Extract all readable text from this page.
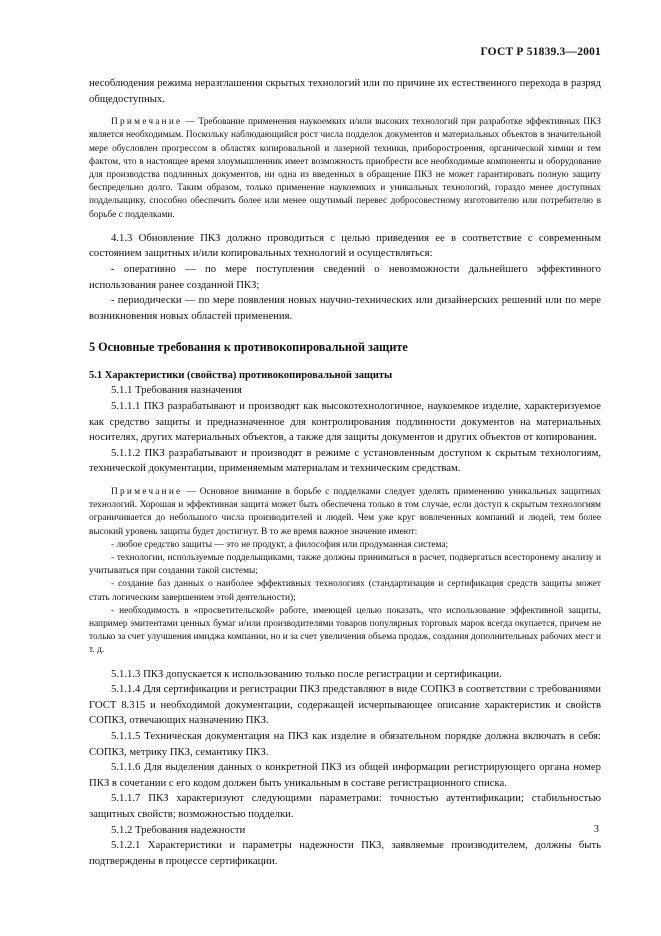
ГОСТ Р 51839.3—2001

несоблюдения режима неразглашения скрытых технологий или по причине их естественного перехода в разряд общедоступных.

Примечание — Требование применения наукоемких и/или высоких технологий при разработке эффективных ПКЗ является необходимым. Поскольку наблюдающийся рост числа подделок документов и материальных объектов в значительной мере обусловлен прогрессом в областях копировальной и лазерной техники, приборостроения, органической химии и тем фактом, что в настоящее время злоумышленник имеет возможность приобрести все необходимые компоненты и оборудование для производства подлинных документов, ни одна из введенных в обращение ПКЗ не может гарантировать полную защиту беспредельно долго. Таким образом, только применение наукоемких и уникальных технологий, гораздо менее доступных подделыщику, способно обеспечить более или менее ощутимый перевес добросовестному изготовителю или потребителю в борьбе с подделками.

4.1.3 Обновление ПКЗ должно проводиться с целью приведения ее в соответствие с современным состоянием защитных и/или копировальных технологий и осуществляться:

- оперативно — по мере поступления сведений о невозможности дальнейшего эффективного использования ранее созданной ПКЗ;

- периодически — по мере появления новых научно-технических или дизайнерских решений или по мере возникновения новых областей применения.

5 Основные требования к противокопировальной защите

5.1 Характеристики (свойства) противокопировальной защиты

5.1.1 Требования назначения

5.1.1.1 ПКЗ разрабатывают и производят как высокотехнологичное, наукоемкое изделие, характеризуемое как средство защиты и предназначенное для контролирования подлинности документов на материальных носителях, других материальных объектов, а также для защиты документов и других объектов от копирования.

5.1.1.2 ПКЗ разрабатывают и производят в режиме с установленным доступом к скрытым технологиям, технической документации, применяемым материалам и техническим средствам.

Примечание — Основное внимание в борьбе с подделками следует уделять применению уникальных защитных технологий. Хорошая и эффективная защита может быть обеспечена только в том случае, если доступ к скрытым технологиям ограничивается до небольшого числа производителей и людей. Чем уже круг вовлеченных компаний и людей, тем более высокий уровень защиты будет достигнут. В то же время важное значение имеют:

- любое средство защиты — это не продукт, а философия или продуманная система;

- технологии, используемые подделыщиками, также должны приниматься в расчет, подвергаться всесторонему анализу и учитываться при создании такой системы;

- создание баз данных о наиболее эффективных технологиях (стандартизация и сертификация средств защиты может стать логическим завершением этой деятельности);

- необходимость в «просветительской» работе, имеющей целью показать, что использование эффективной защиты, например эмитентами ценных бумаг и/или производителями товаров популярных торговых марок всегда окупается, причем не только за счет улучшения имиджа компании, но и за счет увеличения объема продаж, создания дополнительных рабочих мест и т. д.

5.1.1.3 ПКЗ допускается к использованию только после регистрации и сертификации.

5.1.1.4 Для сертификации и регистрации ПКЗ представляют в виде СОПКЗ в соответствии с требованиями ГОСТ 8.315 и необходимой документации, содержащей исчерпывающее описание характеристик и свойств СОПКЗ, отвечающих назначению ПКЗ.

5.1.1.5 Техническая документация на ПКЗ как изделие в обязательном порядке должна включать в себя: СОПКЗ, метрику ПКЗ, семантику ПКЗ.

5.1.1.6 Для выделения данных о конкретной ПКЗ из общей информации регистрирующего органа номер ПКЗ в сочетании с его кодом должен быть уникальным в составе регистрационного списка.

5.1.1.7 ПКЗ характеризуют следующими параметрами: точностью аутентификации; стабильностью защитных свойств; возможностью подделки.

5.1.2 Требования надежности

5.1.2.1 Характеристики и параметры надежности ПКЗ, заявляемые производителем, должны быть подтверждены в процессе сертификации.

3
